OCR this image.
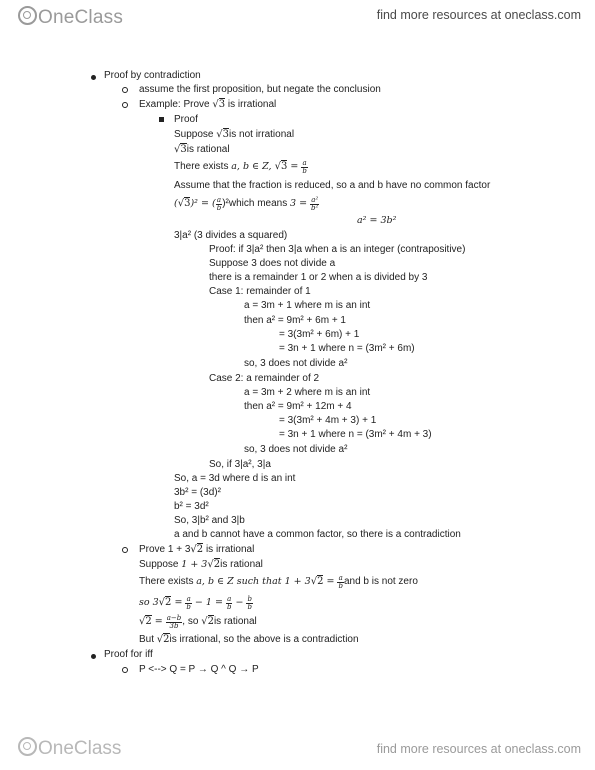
OneClass	find more resources at oneclass.com
Proof by contradiction
assume the first proposition, but negate the conclusion
Example: Prove √3 is irrational
Proof
Suppose √3is not irrational
√3is rational
There exists a, b ∈ Z, $√3 = \frac{a}{b}$
Assume that the fraction is reduced, so a and b have no common factor
(√3)² = ( $\frac{a}{b}$ )²which means $3 = \frac{\text{a²}}{\text{b²}}$
a² = 3b²
3|a² (3 divides a squared)
Proof: if 3|a² then 3|a when a is an integer (contrapositive)
Suppose 3 does not divide a
there is a remainder 1 or 2 when a is divided by 3
Case 1: remainder of 1
a = 3m + 1 where m is an int
then a² = 9m² + 6m + 1
= 3(3m² + 6m) + 1
= 3n + 1 where n = (3m² + 6m)
so, 3 does not divide a²
Case 2: a remainder of 2
a = 3m + 2 where m is an int
then a² = 9m² + 12m + 4
= 3(3m² + 4m + 3) + 1
= 3n + 1 where n = (3m² + 4m + 3)
so, 3 does not divide a²
So, if 3|a², 3|a
So, a = 3d where d is an int
3b² = (3d)²
b² = 3d²
So, 3|b² and 3|b
a and b cannot have a common factor, so there is a contradiction
Prove 1 + 3√2 is irrational
Suppose 1 + 3√2is rational
There exists a, b ∈ Z such that $1 + 3√2 = \frac{a}{b}$ and b is not zero
so $3√2 = \frac{a}{b} - 1 = \frac{a}{b} - \frac{b}{b}$
$√2 = \frac{a-b}{3b}$ , so √2is rational
But √2is irrational, so the above is a contradiction
Proof for iff
P <--> Q = P → Q ^ Q → P
OneClass	find more resources at oneclass.com
